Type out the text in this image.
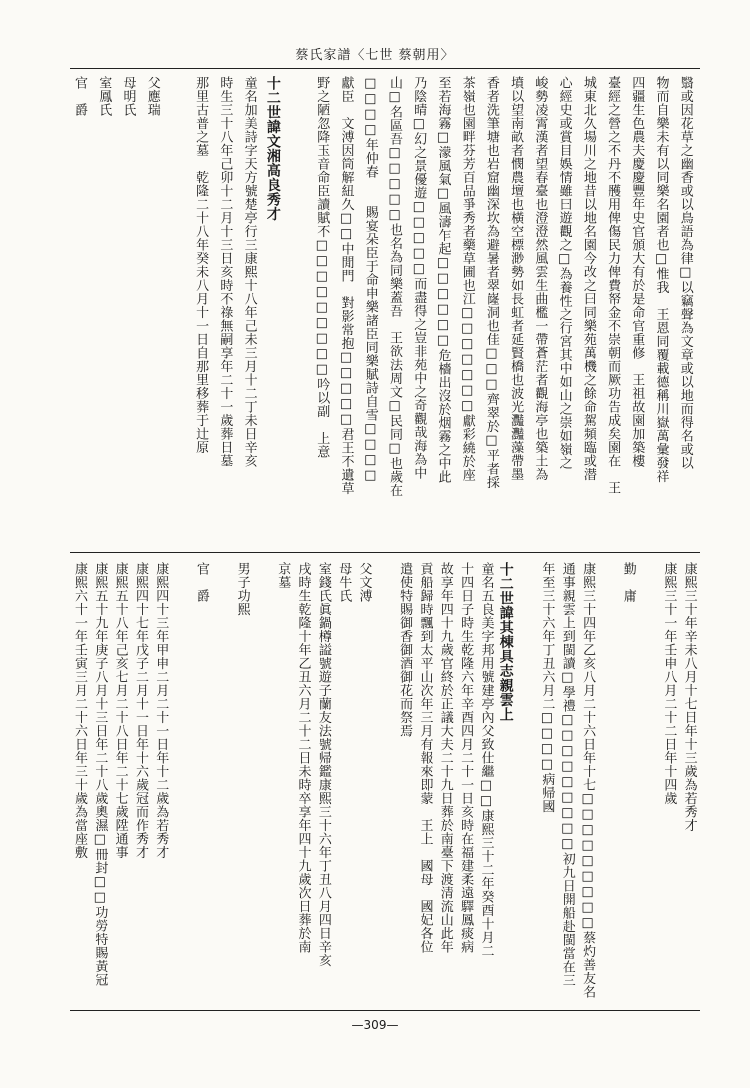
蔡氏家譜〈七世 蔡朝用〉
翳或因花草之幽香或以鳥語為律□以竊聲為文章或以地而得名或以
物而自樂未有以同樂名園者也□惟我　王恩同覆載德稱川嶽萬彙發祥
四疆生色農夫慶慶豐年史官頒大有於是命官重修　王祖故園加築樓
臺經之營之不丹不雘用俾傷民力俾費帑金不崇朝而厥功告成矣園在　王
城東北久場川之地昔以地名園今改之曰同樂苑萬機之餘命駕頻臨或潜
心經史或賞目娛情雖曰遊觀之□為養性之行宮其中如山之崇如嶺之
峻勢凌霄漢者望春臺也澄澄然風雲生曲檻一帶蒼茫者觀海亭也築土為
墳以望南畝者憫農壇也橫空標渺勢如長虹者延賢橋也波光灩灩藻帶墨
香者洗筆塘也岩窟幽深坎為避暑者翠嶐洞也佳□□□齊翠於□平者採
茶嶺也園畔芬芳百品爭秀者藥草圃也江□□□□□□□獻彩繞於座
至若海霧□濛風氣□風濤乍起□□□□□□危檣出沒於烟霧之中此
乃陰晴□幻之景優遊□□□□□而盡得之豈非苑中之奇觀哉海為中
山□名區吾□□□□□也名為同樂蓋吾　王欲法周文□民同□也歲在
□□□□年仲春　　賜宴朵臣于命申樂諸臣同樂賦詩自雪□□□□
獻臣　文溥因筒解紐久□□中閒門　對影常抱□□□□□君王不遺草
野之陋忽降玉音命臣讀賦不□□□□□□□□□吟以副　上意
十二世諱文湘高良秀才
童名加美詩字天方號楚亭行三康熙十八年己未三月十二丁未日辛亥
時生三十八年己卯十二月十三日亥時不祿無嗣享年二十一歲葬日墓
那里古普之墓　乾隆二十八年癸未八月十一日自那里移葬于辻原
父應瑞
母明氏
室鳳氏
官　爵
康熙三十年辛未八月十七日年十三歲為若秀才
康熙三十一年壬申八月二十二日年十四歲
勤　庸
康熙三十四年乙亥八月二十六日年十七□□□□□□□□□蔡灼善友名
通事親雲上到閩讀□學禮□□□□□□□□□初九日開船赴閩當在三
年至三十六年丁丑六月二□□□□病帰國
十二世諱其棟具志親雲上
童名五良美字邦用號建亭內父致仕繼□□康熙三十二年癸酉十月二
十四日子時生乾隆六年辛酉四月二十一日亥時在福建柔遠驛鳳痰病
故享年四十九歲官終於正議大夫二十九日葬於南臺下渡清流山此年
貢船歸時飄到太平山次年三月有報來即蒙　王上　國母　國妃各位
遣使特賜御香御酒御花而祭焉
父文溥
母牛氏
室錢氏眞鍋樽謚號遊子蘭友法號帰鑑康熙三十六年丁丑八月四日辛亥
戌時生乾隆十年乙丑六月二十二日未時卒享年四十九歲次日葬於南
京墓
男子功熙
官　爵
康熙四十三年甲申二月二十一日年十二歲為若秀才
康熙四十七年戊子二月十一日年十六歲冠而作秀才
康熙五十八年己亥七月二十八日年二十七歲陞通事
康熙五十九年庚子八月十三日年二十八歲奧濕□冊封□□功勞特賜黃冠
康熙六十一年壬寅三月二十六日年三十歲為當座敷
—309—
